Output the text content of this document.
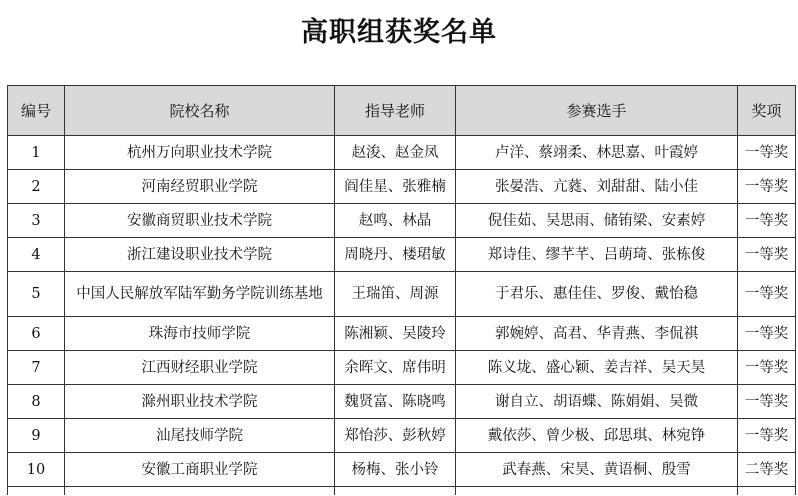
高职组获奖名单
编号	院校名称	指导老师	参赛选手	奖项
1	杭州万向职业技术学院	赵浚、赵金凤	卢洋、蔡翊柔、林思嘉、叶霞婷	一等奖
2	河南经贸职业学院	阎佳星、张雅楠	张晏浩、亢蕤、刘甜甜、陆小佳	一等奖
3	安徽商贸职业技术学院	赵鸣、林晶	倪佳茹、吴思雨、储铕梁、安素婷	一等奖
4	浙江建设职业技术学院	周晓丹、楼珺敏	郑诗佳、缪芊芊、吕萌琦、张栋俊	一等奖
5	中国人民解放军陆军勤务学院训练基地	王瑞笛、周源	于君乐、惠佳佳、罗俊、戴怡稳	一等奖
6	珠海市技师学院	陈湘颖、吴陵玲	郭婉婷、高君、华青燕、李侃祺	一等奖
7	江西财经职业学院	余晖文、席伟明	陈义垅、盛心颖、姜吉祥、吴天昊	一等奖
8	滁州职业技术学院	魏贤富、陈晓鸣	谢自立、胡语蝶、陈娟娟、吴微	一等奖
9	汕尾技师学院	郑怡莎、彭秋婷	戴依莎、曾少极、邱思琪、林宛铮	一等奖
10	安徽工商职业学院	杨梅、张小铃	武春燕、宋昊、黄语桐、殷雪	二等奖
